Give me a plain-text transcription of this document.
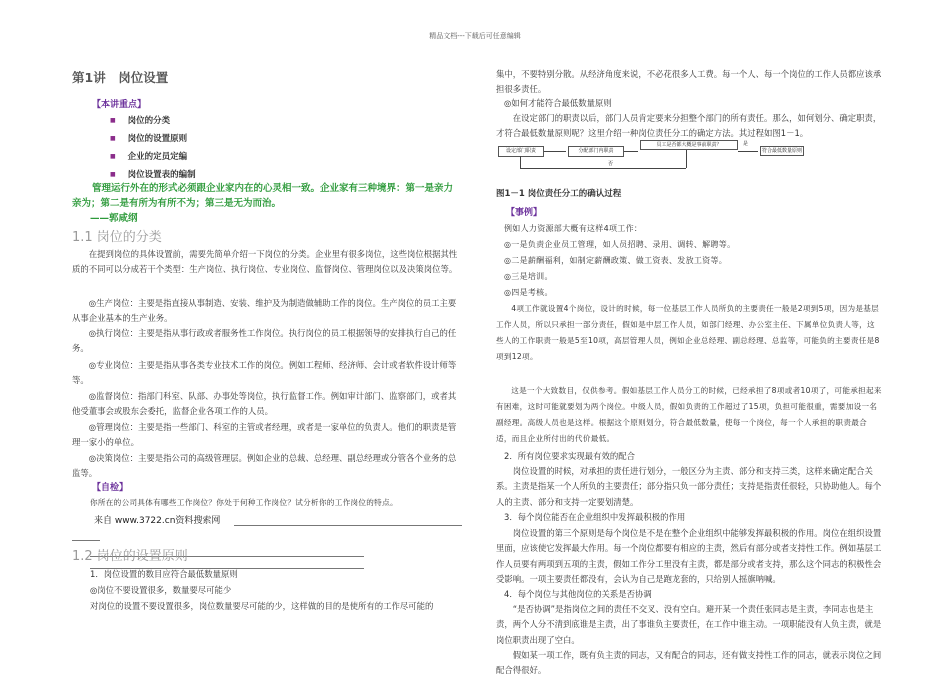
精品文档---下载后可任意编辑
第1讲　岗位设置
【本讲重点】
■ 岗位的分类
■ 岗位的设置原则
■ 企业的定员定编
■ 岗位设置表的编制
管理运行外在的形式必须跟企业家内在的心灵相一致。企业家有三种境界：第一是亲力
亲为；第二是有所为有所不为；第三是无为而治。
——郭咸纲
1.1 岗位的分类
在提到岗位的具体设置前，需要先简单介绍一下岗位的分类。企业里有很多岗位，这些岗位根据其性质的不同可以分成若干个类型：生产岗位、执行岗位、专业岗位、监督岗位、管理岗位以及决策岗位等。
◎生产岗位：主要是指直接从事制造、安装、维护及为制造做辅助工作的岗位。生产岗位的员工主要从事企业基本的生产业务。
◎执行岗位：主要是指从事行政或者服务性工作岗位。执行岗位的员工根据领导的安排执行自己的任务。
◎专业岗位：主要是指从事各类专业技术工作的岗位。例如工程师、经济师、会计或者软件设计师等等。
◎监督岗位：指部门科室、队部、办事处等岗位，执行监督工作。例如审计部门、监察部门，或者其他受董事会或股东会委托，监督企业各项工作的人员。
◎管理岗位：主要是指一些部门、科室的主管或者经理，或者是一家单位的负责人。他们的职责是管理一家小的单位。
◎决策岗位：主要是指公司的高级管理层。例如企业的总裁、总经理、副总经理或分管各个业务的总监等。
【自检】
你所在的公司具体有哪些工作岗位？你处于何种工作岗位？试分析你的工作岗位的特点。
来自 www.3722.cn资料搜索网
1.2 岗位的设置原则
1．岗位设置的数目应符合最低数量原则
◎岗位不要设置很多，数量要尽可能少
对岗位的设置不要设置很多，岗位数量要尽可能的少，这样做的目的是使所有的工作尽可能的
集中，不要特别分散。从经济角度来说，不必花很多人工费。每一个人、每一个岗位的工作人员都应该承担很多责任。
◎如何才能符合最低数量原则
在设定部门的职责以后，部门人员肯定要来分担整个部门的所有责任。那么，如何划分、确定职责，才符合最低数量原则呢？这里介绍一种岗位责任分工的确定方法。其过程如图1－1。
设定部门职责	分配部门内职责
员工是否都大概是事前职责？	是
符合最低数量原则
否
图1－1 岗位责任分工的确认过程
【事例】
例如人力资源部大概有这样4项工作：
◎一是负责企业员工管理，如人员招聘、录用、调转、解聘等。
◎二是薪酬福利，如制定薪酬政策、做工资表、发放工资等。
◎三是培训。
◎四是考核。
4项工作就设置4个岗位，设计的时候，每一位基层工作人员所负的主要责任一般是2项到5项，因为是基层工作人员，所以只承担一部分责任，假如是中层工作人员，如部门经理、办公室主任、下属单位负责人等，这些人的工作职责一般是5至10项，高层管理人员，例如企业总经理、副总经理、总监等，可能负的主要责任是8项到12项。
这是一个大致数目，仅供参考。假如基层工作人员分工的时候，已经承担了8项或者10项了，可能承担起来有困难，这时可能就要划为两个岗位。中级人员，假如负责的工作超过了15项，负担可能很重，需要加设一名副经理。高级人员也是这样。根据这个原则划分，符合最低数量，使每一个岗位，每一个人承担的职责最合适，而且企业所付出的代价最低。
2．所有岗位要求实现最有效的配合
岗位设置的时候，对承担的责任进行划分，一般区分为主责、部分和支持三类，这样来确定配合关系。主责是指某一个人所负的主要责任；部分指只负一部分责任；支持是指责任很轻，只协助他人。每个人的主责、部分和支持一定要划清楚。
3．每个岗位能否在企业组织中发挥最积极的作用
岗位设置的第三个原则是每个岗位是不是在整个企业组织中能够发挥最积极的作用。岗位在组织设置里面，应该使它发挥最大作用。每一个岗位都要有相应的主责，然后有部分或者支持性工作。例如基层工作人员要有两项到五项的主责，假如工作分工里没有主责，都是部分或者支持，那么这个同志的积极性会受影响。一项主要责任都没有，会认为自己是跑龙套的，只给别人摇旗呐喊。
4．每个岗位与其他岗位的关系是否协调
“是否协调”是指岗位之间的责任不交叉、没有空白。避开某一个责任张同志是主责，李同志也是主责，两个人分不清到底谁是主责，出了事谁负主要责任，在工作中谁主动。一项职能没有人负主责，就是岗位职责出现了空白。
假如某一项工作，既有负主责的同志，又有配合的同志，还有做支持性工作的同志，就表示岗位之间配合得很好。
